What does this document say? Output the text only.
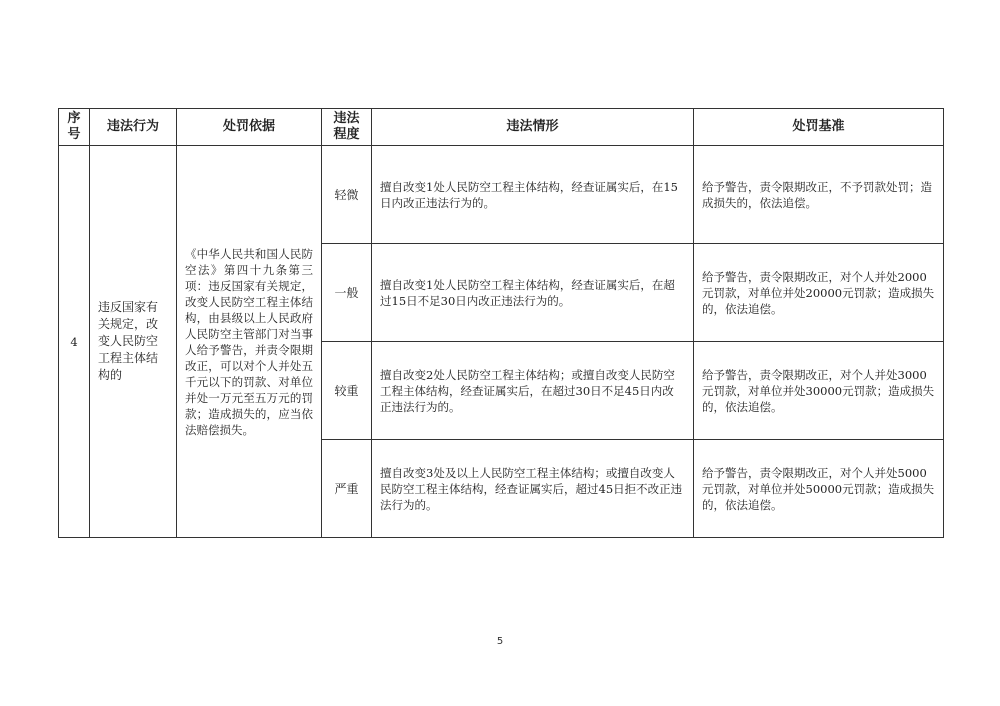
序号	违法行为	处罚依据	违法程度	违法情形	处罚基准
4	违反国家有关规定，改变人民防空工程主体结构的	《中华人民共和国人民防空法》第四十九条第三项：违反国家有关规定，改变人民防空工程主体结构，由县级以上人民政府人民防空主管部门对当事人给予警告，并责令限期改正，可以对个人并处五千元以下的罚款、对单位并处一万元至五万元的罚款；造成损失的，应当依法赔偿损失。	轻微	擅自改变1处人民防空工程主体结构，经查证属实后，在15日内改正违法行为的。	给予警告，责令限期改正，不予罚款处罚；造成损失的，依法追偿。
			一般	擅自改变1处人民防空工程主体结构，经查证属实后，在超过15日不足30日内改正违法行为的。	给予警告，责令限期改正，对个人并处2000元罚款，对单位并处20000元罚款；造成损失的，依法追偿。
			较重	擅自改变2处人民防空工程主体结构；或擅自改变人民防空工程主体结构，经查证属实后，在超过30日不足45日内改正违法行为的。	给予警告，责令限期改正，对个人并处3000元罚款，对单位并处30000元罚款；造成损失的，依法追偿。
			严重	擅自改变3处及以上人民防空工程主体结构；或擅自改变人民防空工程主体结构，经查证属实后，超过45日拒不改正违法行为的。	给予警告，责令限期改正，对个人并处5000元罚款，对单位并处50000元罚款；造成损失的，依法追偿。
5
